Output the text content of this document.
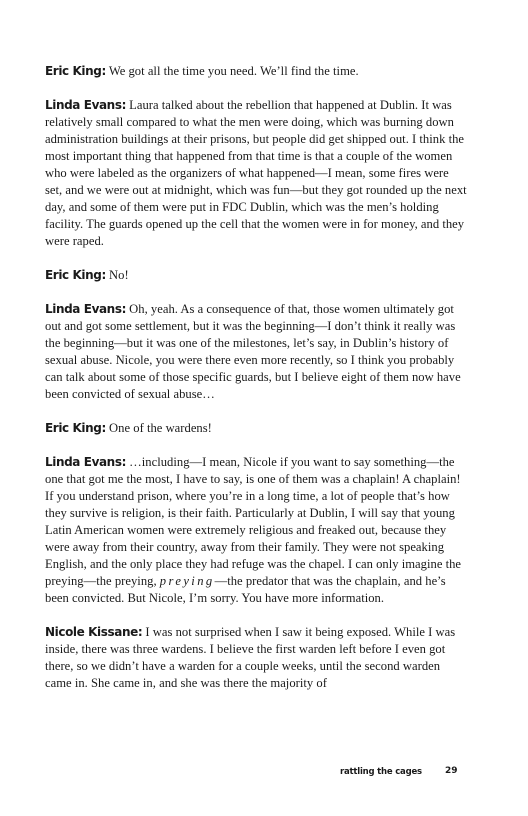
Eric King: We got all the time you need. We’ll find the time.

Linda Evans: Laura talked about the rebellion that happened at Dublin. It was relatively small compared to what the men were doing, which was burning down administration buildings at their prisons, but people did get shipped out. I think the most important thing that happened from that time is that a couple of the women who were labeled as the organizers of what happened—I mean, some fires were set, and we were out at midnight, which was fun—but they got rounded up the next day, and some of them were put in FDC Dublin, which was the men’s holding facility. The guards opened up the cell that the women were in for money, and they were raped.

Eric King: No!

Linda Evans: Oh, yeah. As a consequence of that, those women ultimately got out and got some settlement, but it was the beginning—I don’t think it really was the beginning—but it was one of the milestones, let’s say, in Dublin’s history of sexual abuse. Nicole, you were there even more recently, so I think you probably can talk about some of those specific guards, but I believe eight of them now have been convicted of sexual abuse…

Eric King: One of the wardens!

Linda Evans: …including—I mean, Nicole if you want to say something—the one that got me the most, I have to say, is one of them was a chaplain! A chaplain! If you understand prison, where you’re in a long time, a lot of people that’s how they survive is religion, is their faith. Particularly at Dublin, I will say that young Latin American women were extremely religious and freaked out, because they were away from their country, away from their family. They were not speaking English, and the only place they had refuge was the chapel. I can only imagine the preying—the preying, preying—the predator that was the chaplain, and he’s been convicted. But Nicole, I’m sorry. You have more information.

Nicole Kissane: I was not surprised when I saw it being exposed. While I was inside, there was three wardens. I believe the first warden left before I even got there, so we didn’t have a warden for a couple weeks, until the second warden came in. She came in, and she was there the majority of

rattling the cages	29
